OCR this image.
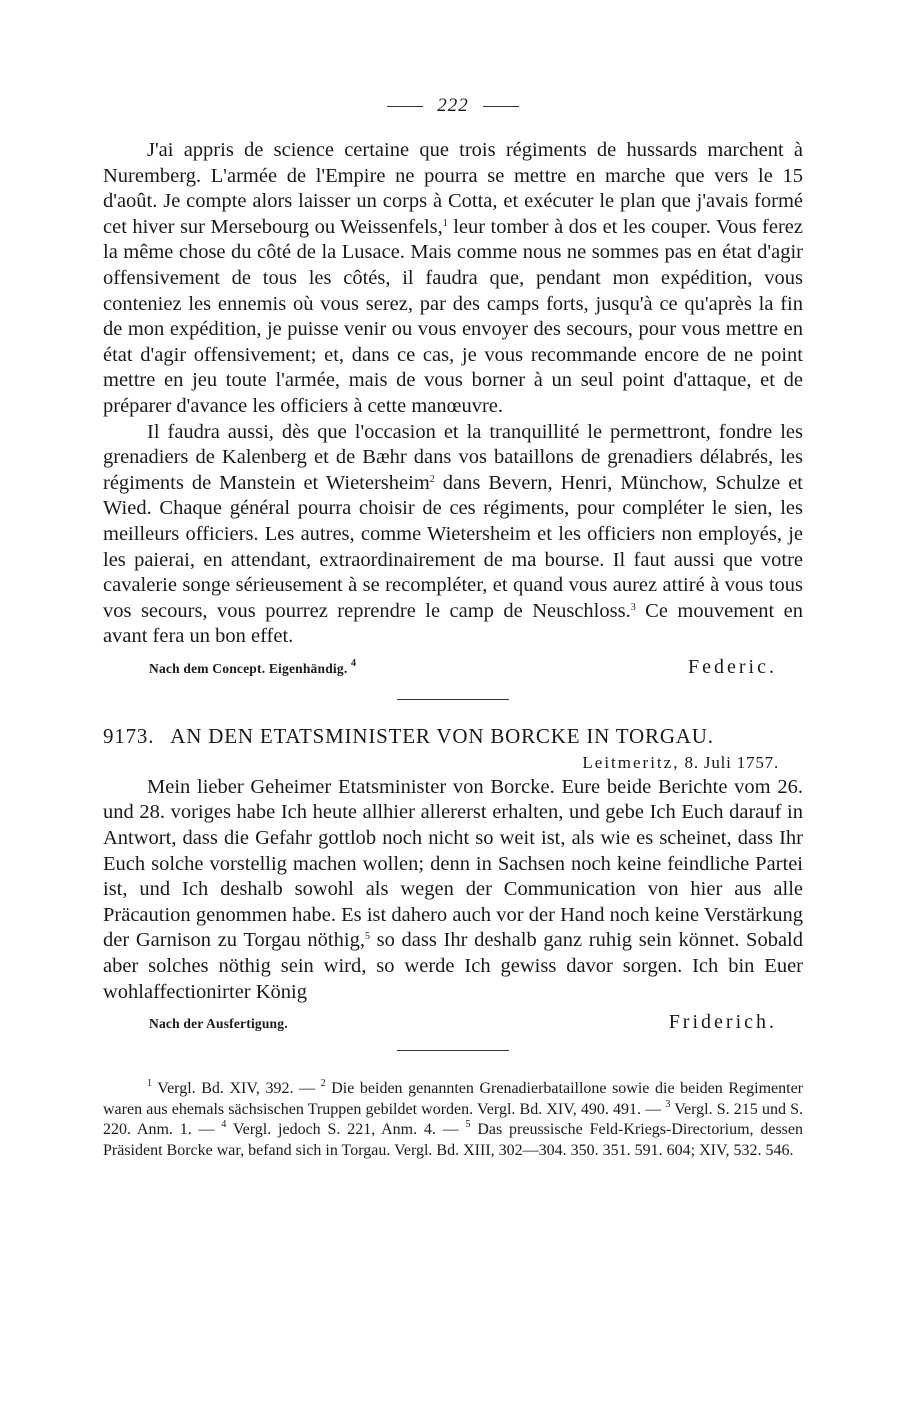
222

J'ai appris de science certaine que trois régiments de hussards marchent à Nuremberg. L'armée de l'Empire ne pourra se mettre en marche que vers le 15 d'août. Je compte alors laisser un corps à Cotta, et exécuter le plan que j'avais formé cet hiver sur Mersebourg ou Weissenfels,$^1$ leur tomber à dos et les couper. Vous ferez la même chose du côté de la Lusace. Mais comme nous ne sommes pas en état d'agir offensivement de tous les côtés, il faudra que, pendant mon expédition, vous conteniez les ennemis où vous serez, par des camps forts, jusqu'à ce qu'après la fin de mon expédition, je puisse venir ou vous envoyer des secours, pour vous mettre en état d'agir offensivement; et, dans ce cas, je vous recommande encore de ne point mettre en jeu toute l'armée, mais de vous borner à un seul point d'attaque, et de préparer d'avance les officiers à cette manœuvre.

Il faudra aussi, dès que l'occasion et la tranquillité le permettront, fondre les grenadiers de Kalenberg et de Bæhr dans vos bataillons de grenadiers délabrés, les régiments de Manstein et Wietersheim$^2$ dans Bevern, Henri, Münchow, Schulze et Wied. Chaque général pourra choisir de ces régiments, pour compléter le sien, les meilleurs officiers. Les autres, comme Wietersheim et les officiers non employés, je les paierai, en attendant, extraordinairement de ma bourse. Il faut aussi que votre cavalerie songe sérieusement à se recompléter, et quand vous aurez attiré à vous tous vos secours, vous pourrez reprendre le camp de Neuschloss.$^3$ Ce mouvement en avant fera un bon effet.

Nach dem Concept. Eigenhändig. $^4$	Federic.
9173. AN DEN ETATSMINISTER VON BORCKE IN TORGAU.
Leitmeritz, 8. Juli 1757.

Mein lieber Geheimer Etatsminister von Borcke. Eure beide Berichte vom 26. und 28. voriges habe Ich heute allhier allererst erhalten, und gebe Ich Euch darauf in Antwort, dass die Gefahr gottlob noch nicht so weit ist, als wie es scheinet, dass Ihr Euch solche vorstellig machen wollen; denn in Sachsen noch keine feindliche Partei ist, und Ich deshalb sowohl als wegen der Communication von hier aus alle Präcaution genommen habe. Es ist dahero auch vor der Hand noch keine Verstärkung der Garnison zu Torgau nöthig,$^5$ so dass Ihr deshalb ganz ruhig sein könnet. Sobald aber solches nöthig sein wird, so werde Ich gewiss davor sorgen. Ich bin Euer wohlaffectionirter König

Nach der Ausfertigung.	Friderich.
$^1$ Vergl. Bd. XIV, 392. — $^2$ Die beiden genannten Grenadierbataillone sowie die beiden Regimenter waren aus ehemals sächsischen Truppen gebildet worden. Vergl. Bd. XIV, 490. 491. — $^3$ Vergl. S. 215 und S. 220. Anm. 1. — $^4$ Vergl. jedoch S. 221, Anm. 4. — $^5$ Das preussische Feld-Kriegs-Directorium, dessen Präsident Borcke war, befand sich in Torgau. Vergl. Bd. XIII, 302—304. 350. 351. 591. 604; XIV, 532. 546.
